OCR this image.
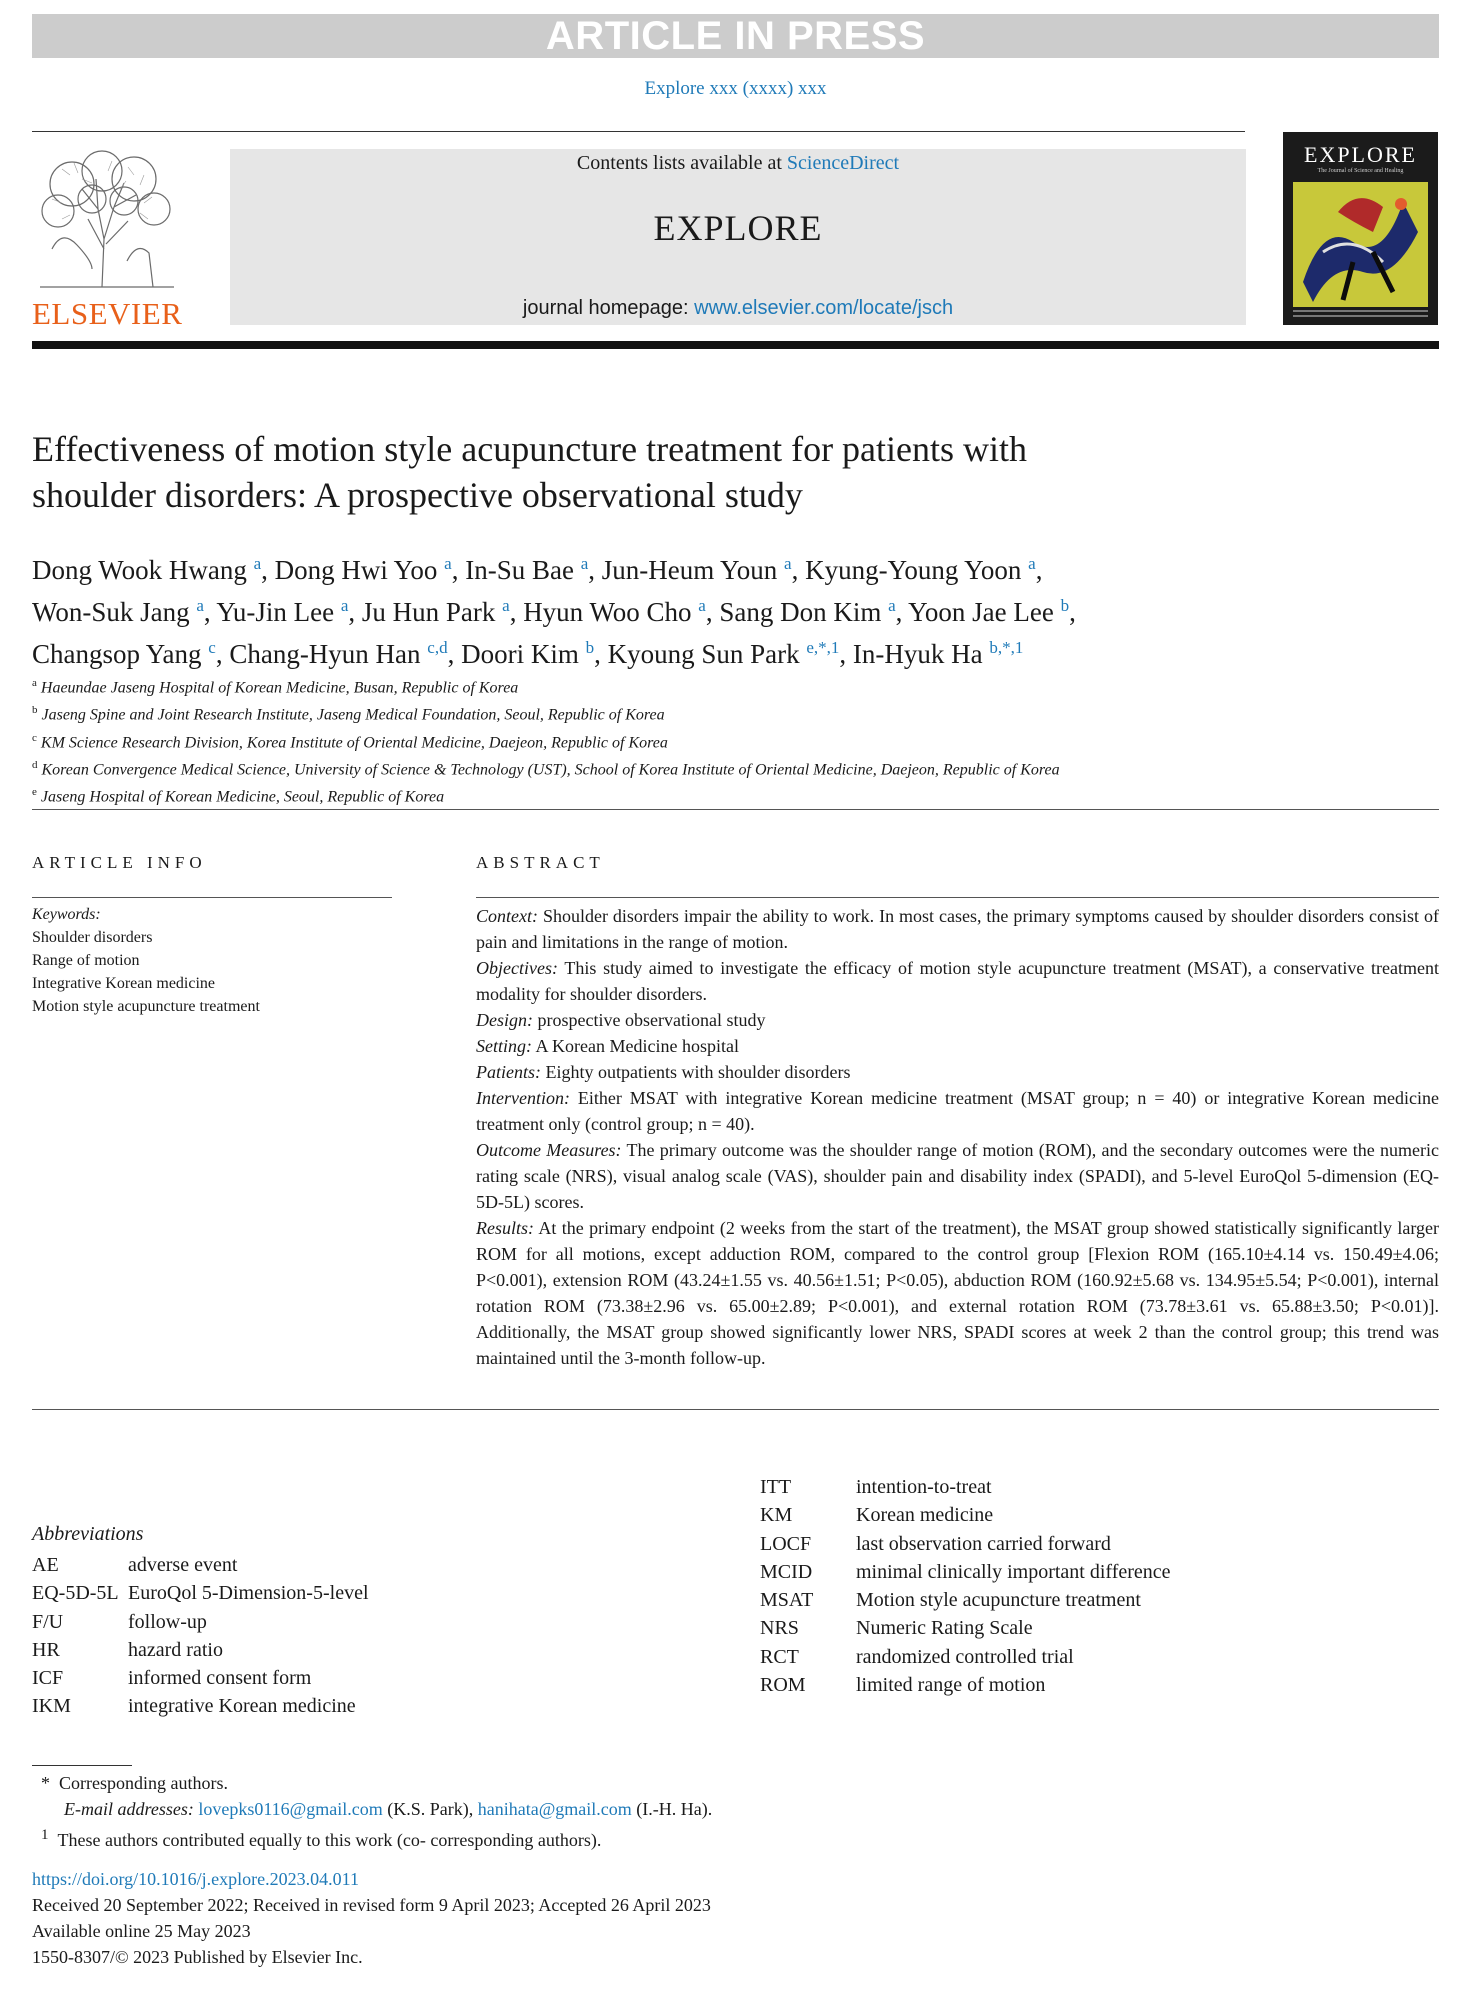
ARTICLE IN PRESS
Explore xxx (xxxx) xxx
ELSEVIER
Contents lists available at ScienceDirect
EXPLORE
journal homepage: www.elsevier.com/locate/jsch
EXPLORE
The Journal of Science and Healing
Effectiveness of motion style acupuncture treatment for patients with
shoulder disorders: A prospective observational study
Dong Wook Hwang $^a$, Dong Hwi Yoo $^a$, In-Su Bae $^a$, Jun-Heum Youn $^a$, Kyung-Young Yoon $^a$,
Won-Suk Jang $^a$, Yu-Jin Lee $^a$, Ju Hun Park $^a$, Hyun Woo Cho $^a$, Sang Don Kim $^a$, Yoon Jae Lee $^b$,
Changsop Yang $^c$, Chang-Hyun Han $^{c,d}$, Doori Kim $^b$, Kyoung Sun Park $^{e,*,1}$, In-Hyuk Ha $^{b,*,1}$
$^a$ Haeundae Jaseng Hospital of Korean Medicine, Busan, Republic of Korea
$^b$ Jaseng Spine and Joint Research Institute, Jaseng Medical Foundation, Seoul, Republic of Korea
$^c$ KM Science Research Division, Korea Institute of Oriental Medicine, Daejeon, Republic of Korea
$^d$ Korean Convergence Medical Science, University of Science & Technology (UST), School of Korea Institute of Oriental Medicine, Daejeon, Republic of Korea
$^e$ Jaseng Hospital of Korean Medicine, Seoul, Republic of Korea
ARTICLE INFO	ABSTRACT
Keywords:
Shoulder disorders
Range of motion
Integrative Korean medicine
Motion style acupuncture treatment

Context: Shoulder disorders impair the ability to work. In most cases, the primary symptoms caused by shoulder disorders consist of pain and limitations in the range of motion.

Objectives: This study aimed to investigate the efficacy of motion style acupuncture treatment (MSAT), a conservative treatment modality for shoulder disorders.

Design: prospective observational study

Setting: A Korean Medicine hospital

Patients: Eighty outpatients with shoulder disorders

Intervention: Either MSAT with integrative Korean medicine treatment (MSAT group; n = 40) or integrative Korean medicine treatment only (control group; n = 40).

Outcome Measures: The primary outcome was the shoulder range of motion (ROM), and the secondary outcomes were the numeric rating scale (NRS), visual analog scale (VAS), shoulder pain and disability index (SPADI), and 5-level EuroQol 5-dimension (EQ-5D-5L) scores.

Results: At the primary endpoint (2 weeks from the start of the treatment), the MSAT group showed statistically significantly larger ROM for all motions, except adduction ROM, compared to the control group [Flexion ROM (165.10±4.14 vs. 150.49±4.06; P<0.001), extension ROM (43.24±1.55 vs. 40.56±1.51; P<0.05), abduction ROM (160.92±5.68 vs. 134.95±5.54; P<0.001), internal rotation ROM (73.38±2.96 vs. 65.00±2.89; P<0.001), and external rotation ROM (73.78±3.61 vs. 65.88±3.50; P<0.01)]. Additionally, the MSAT group showed significantly lower NRS, SPADI scores at week 2 than the control group; this trend was maintained until the 3-month follow-up.

Abbreviations
AE	adverse event
EQ-5D-5L EuroQol 5-Dimension-5-level
F/U	follow-up
HR	hazard ratio
ICF	informed consent form
IKM	integrative Korean medicine
ITT	intention-to-treat
KM	Korean medicine
LOCF	last observation carried forward
MCID	minimal clinically important difference
MSAT	Motion style acupuncture treatment
NRS	Numeric Rating Scale
RCT	randomized controlled trial
ROM	limited range of motion
* Corresponding authors.
E-mail addresses: lovepks0116@gmail.com (K.S. Park), hanihata@gmail.com (I.-H. Ha).
$^1$ These authors contributed equally to this work (co- corresponding authors).
https://doi.org/10.1016/j.explore.2023.04.011
Received 20 September 2022; Received in revised form 9 April 2023; Accepted 26 April 2023
Available online 25 May 2023
1550-8307/© 2023 Published by Elsevier Inc.
